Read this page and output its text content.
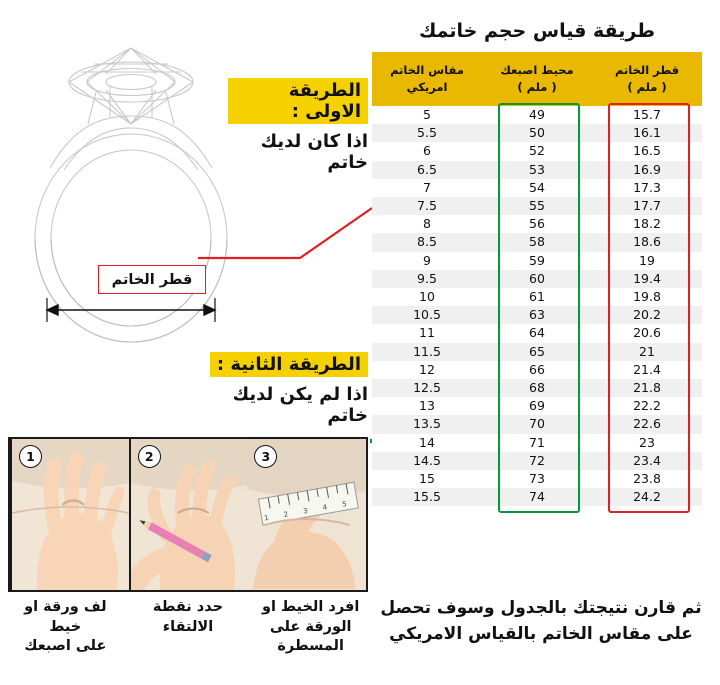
قطر الخاتم
الطريقة الاولى :
اذا كان لديك خاتم
الطريقة الثانية :
اذا لم يكن لديك خاتم
1 2 3 4 5
3
2
1
افرد الخيط او
الورقة على المسطرة
حدد نقطة
الالتقاء
لف ورقة او خيط
على اصبعك
طريقة قياس حجم خاتمك
قطر الخاتم
( ملم )

محيط اصبعك
( ملم )

مقاس الخاتم
امريكي

15.7	49	5
16.1	50	5.5
16.5	52	6
16.9	53	6.5
17.3	54	7
17.7	55	7.5
18.2	56	8
18.6	58	8.5
19	59	9
19.4	60	9.5
19.8	61	10
20.2	63	10.5
20.6	64	11
21	65	11.5
21.4	66	12
21.8	68	12.5
22.2	69	13
22.6	70	13.5
23	71	14
23.4	72	14.5
23.8	73	15
24.2	74	15.5
ثم قارن نتيجتك بالجدول وسوف تحصل
على مقاس الخاتم بالقياس الامريكي
